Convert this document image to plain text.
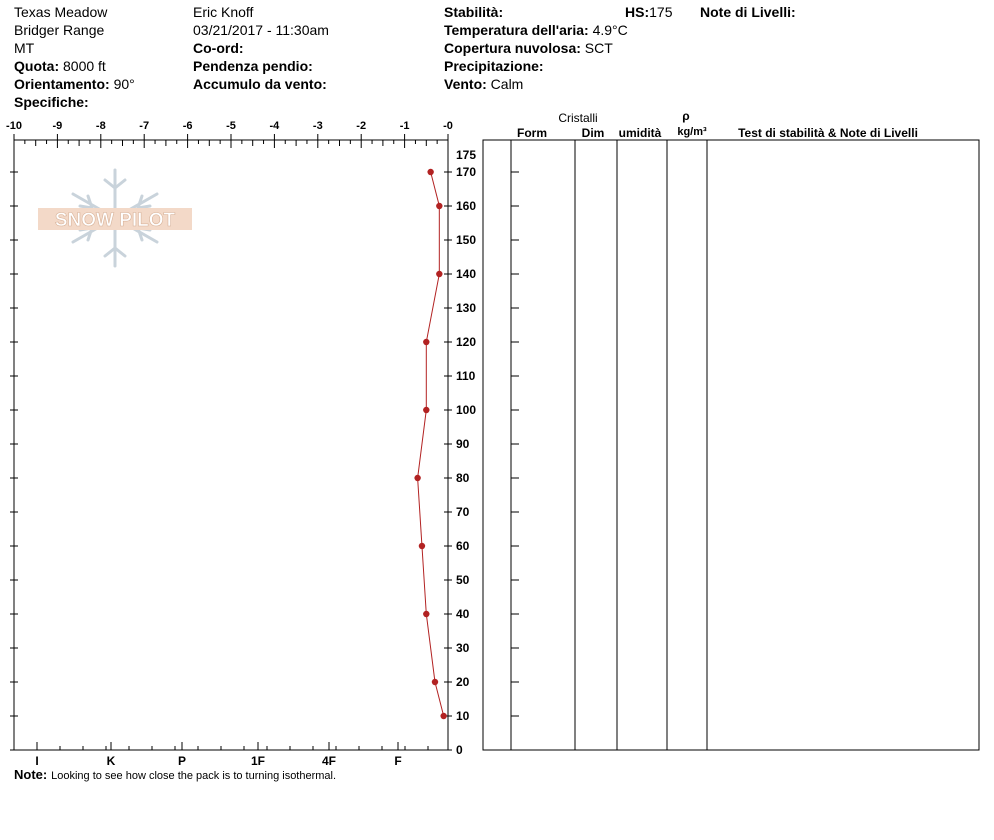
Texas Meadow
Bridger Range
MT
Quota: 8000 ft
Orientamento: 90°
Specifiche:
Eric Knoff
03/21/2017 - 11:30am
Co-ord:
Pendenza pendio:
Accumulo da vento:
Stabilità:	HS:175 Note di Livelli:
Temperatura dell'aria: 4.9°C
Copertura nuvolosa: SCT
Precipitazione:
Vento: Calm
SNOW PILOT
-10	-9	-8	-7	-6	-5	-4	-3	-2	-1	-0
175
170
160
150
140
130
120
110
100
90
80
70
60
50
40
30
20
10
0
I	K	P	1F	4F	F
Cristalli
Form	Dim umidità
ρ
kg/m³	Test di stabilità & Note di Livelli
Note: Looking to see how close the pack is to turning isothermal.
